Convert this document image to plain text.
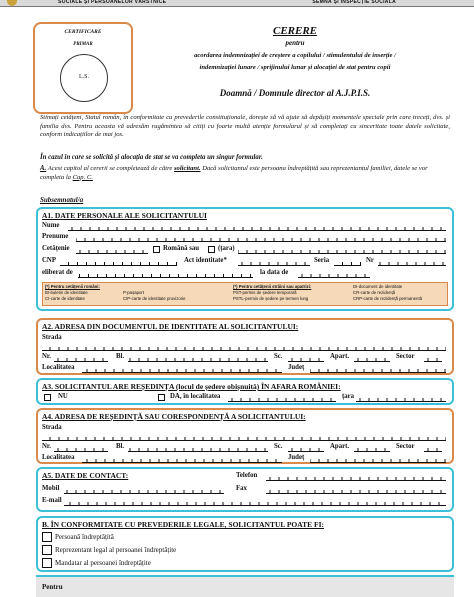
SOCIALE ȘI PERSOANELOR VÂRSTNICE	SEMNĂ ȘI INSPECȚIE SOCIALĂ
CERTIFICARE
PRIMAR
L.S.
CERERE
pentru
acordarea indemnizației de creștere a copilului / stimulentului de inserție /
indemnizației lunare / sprijinului lunar și alocației de stat pentru copii
Doamnă / Domnule director al A.J.P.I.S.
Stimați cetățeni, Statul român, în conformitate cu prevederile constituționale, dorește să vă ajute să depășiți momentele speciale prin care treceți, dvs. și familia dvs. Pentru aceasta vă adresăm rugămintea să citiți cu foarte multă atenție formularul și să completați cu sinceritate toate datele solicitate, conform indicațiilor de mai jos.
În cazul în care se solicită și alocația de stat se va completa un singur formular.
A. Acest capitol al cererii se completează de către solicitant. Dacă solicitantul este persoana îndreptățită sau reprezentantul familiei, datele se vor completa la Cap. C.
Subsemnatul/a
A1. DATE PERSONALE ALE SOLICITANTULUI
Nume
Prenume
Cetățenie	Română sau	(țara)
CNP	Act identitate*	Seria	Nr
eliberat de	la data de
(*) Pentru cetățenii români:
BI-buletin de identitate
CI-carte de identitate
P-pașaport
CIP-carte de identitate provizorie
(*) Pentru cetățenii străini sau apatrizi:
PST-permis de ședere temporară
PSTL-permis de ședere pe termen lung
DI-document de identitate
CR-carte de rezidență
CRP-carte de rezidență permanentă
A2. ADRESA DIN DOCUMENTUL DE IDENTITATE AL SOLICITANTULUI:
Strada
Nr.	Bl.	Sc.	Apart.	Sector
Localitatea	Județ
A3. SOLICITANTUL ARE REȘEDINȚA (locul de ședere obișnuită) ÎN AFARA ROMÂNIEI:
NU	DA, în localitatea	țara
A4. ADRESA DE REȘEDINȚĂ SAU CORESPONDENȚĂ A SOLICITANTULUI:
Strada
Nr.	Bl.	Sc.	Apart.	Sector
Localitatea	Județ
A5. DATE DE CONTACT:	Telefon
Mobil	Fax
E-mail
B. ÎN CONFORMITATE CU PREVEDERILE LEGALE, SOLICITANTUL POATE FI:
Persoană îndreptățită
Reprezentant legal al persoanei îndreptățite
Mandatar al persoanei îndreptățite
Pentru
